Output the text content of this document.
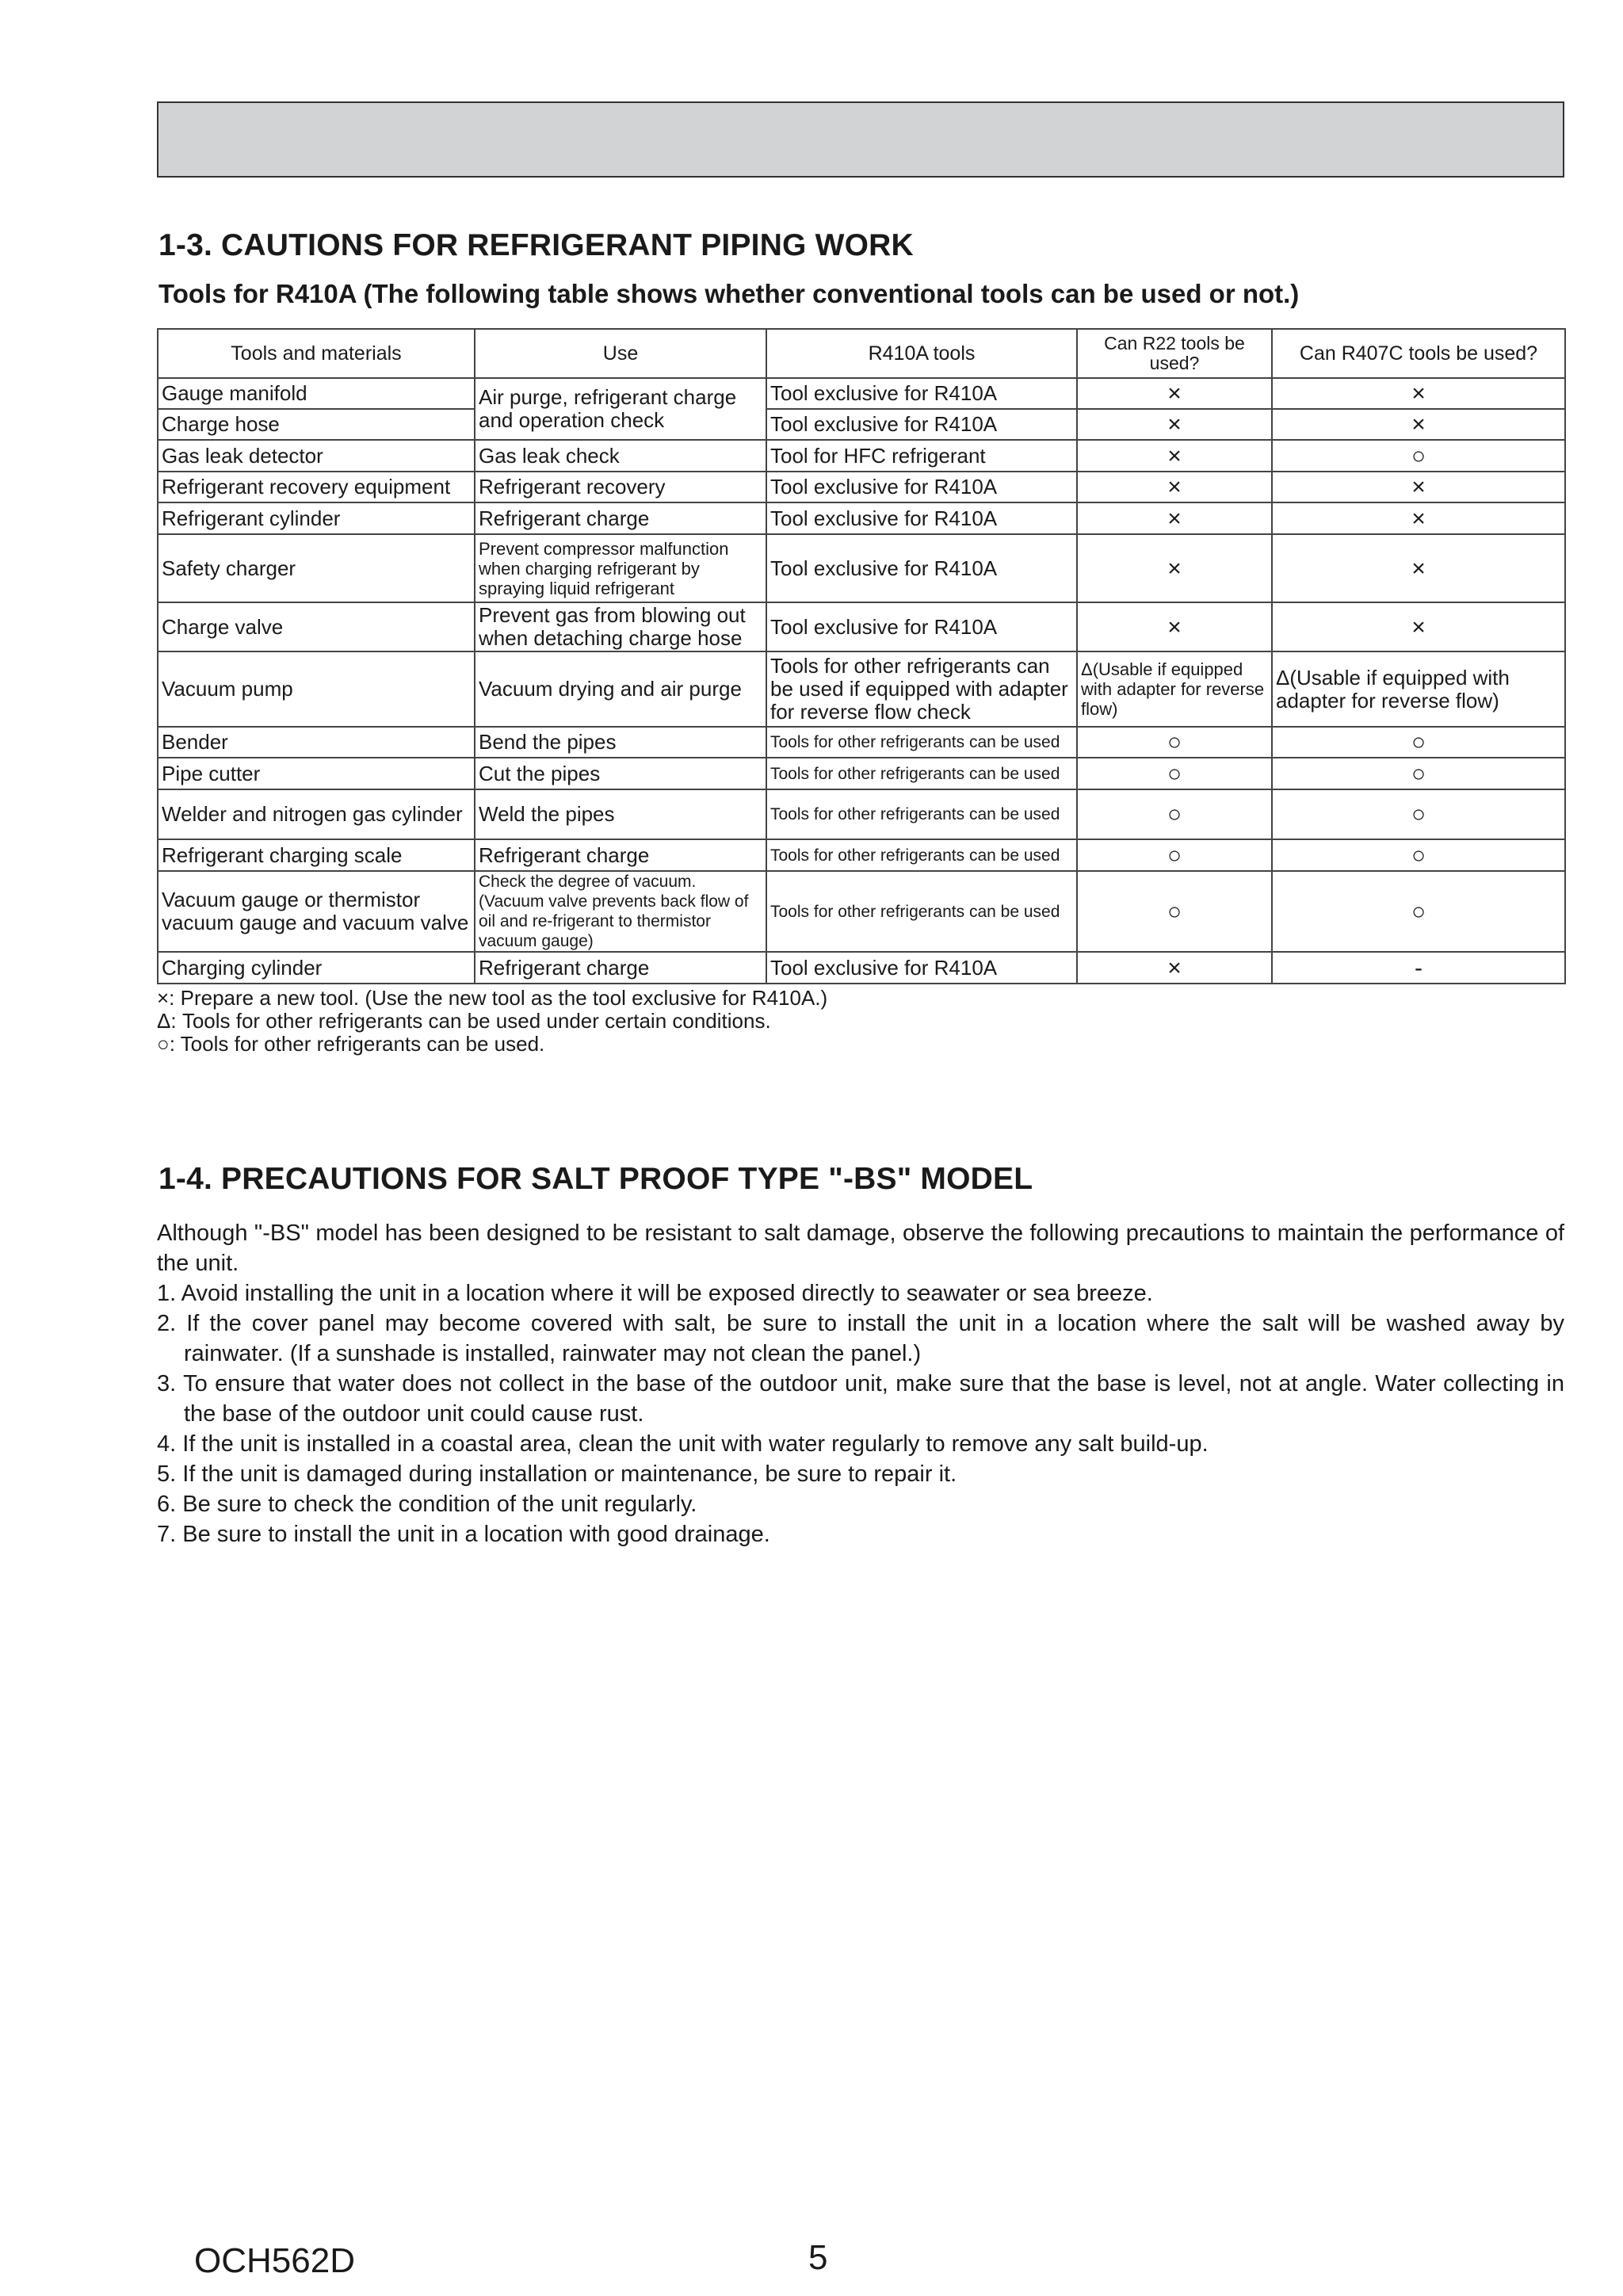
1-3. CAUTIONS FOR REFRIGERANT PIPING WORK

Tools for R410A (The following table shows whether conventional tools can be used or not.)

Tools and materials	Use	R410A tools	Can R22 tools be used?	Can R407C tools be used?
Gauge manifold	Air purge, refrigerant charge and operation check	Tool exclusive for R410A	×	×
Charge hose		Tool exclusive for R410A	×	×
Gas leak detector	Gas leak check	Tool for HFC refrigerant	×	○
Refrigerant recovery equipment	Refrigerant recovery	Tool exclusive for R410A	×	×
Refrigerant cylinder	Refrigerant charge	Tool exclusive for R410A	×	×
Safety charger	Prevent compressor malfunction when charging refrigerant by spraying liquid refrigerant	Tool exclusive for R410A	×	×
Charge valve	Prevent gas from blowing out when detaching charge hose	Tool exclusive for R410A	×	×
Vacuum pump	Vacuum drying and air purge	Tools for other refrigerants can be used if equipped with adapter for reverse flow check	Δ(Usable if equipped with adapter for reverse flow)	Δ(Usable if equipped with adapter for reverse flow)
Bender	Bend the pipes	Tools for other refrigerants can be used	○	○
Pipe cutter	Cut the pipes	Tools for other refrigerants can be used	○	○
Welder and nitrogen gas cylinder	Weld the pipes	Tools for other refrigerants can be used	○	○
Refrigerant charging scale	Refrigerant charge	Tools for other refrigerants can be used	○	○
Vacuum gauge or thermistor vacuum gauge and vacuum valve	Check the degree of vacuum. (Vacuum valve prevents back flow of oil and re-frigerant to thermistor vacuum gauge)	Tools for other refrigerants can be used	○	○
Charging cylinder	Refrigerant charge	Tool exclusive for R410A	×	-
×: Prepare a new tool. (Use the new tool as the tool exclusive for R410A.)
Δ: Tools for other refrigerants can be used under certain conditions.
○: Tools for other refrigerants can be used.
1-4. PRECAUTIONS FOR SALT PROOF TYPE "-BS" MODEL

Although "-BS" model has been designed to be resistant to salt damage, observe the following precautions to maintain the performance of the unit.

1. Avoid installing the unit in a location where it will be exposed directly to seawater or sea breeze.

2. If the cover panel may become covered with salt, be sure to install the unit in a location where the salt will be washed away by rainwater. (If a sunshade is installed, rainwater may not clean the panel.)

3. To ensure that water does not collect in the base of the outdoor unit, make sure that the base is level, not at angle. Water collecting in the base of the outdoor unit could cause rust.

4. If the unit is installed in a coastal area, clean the unit with water regularly to remove any salt build-up.

5. If the unit is damaged during installation or maintenance, be sure to repair it.

6. Be sure to check the condition of the unit regularly.

7. Be sure to install the unit in a location with good drainage.

OCH562D	5
